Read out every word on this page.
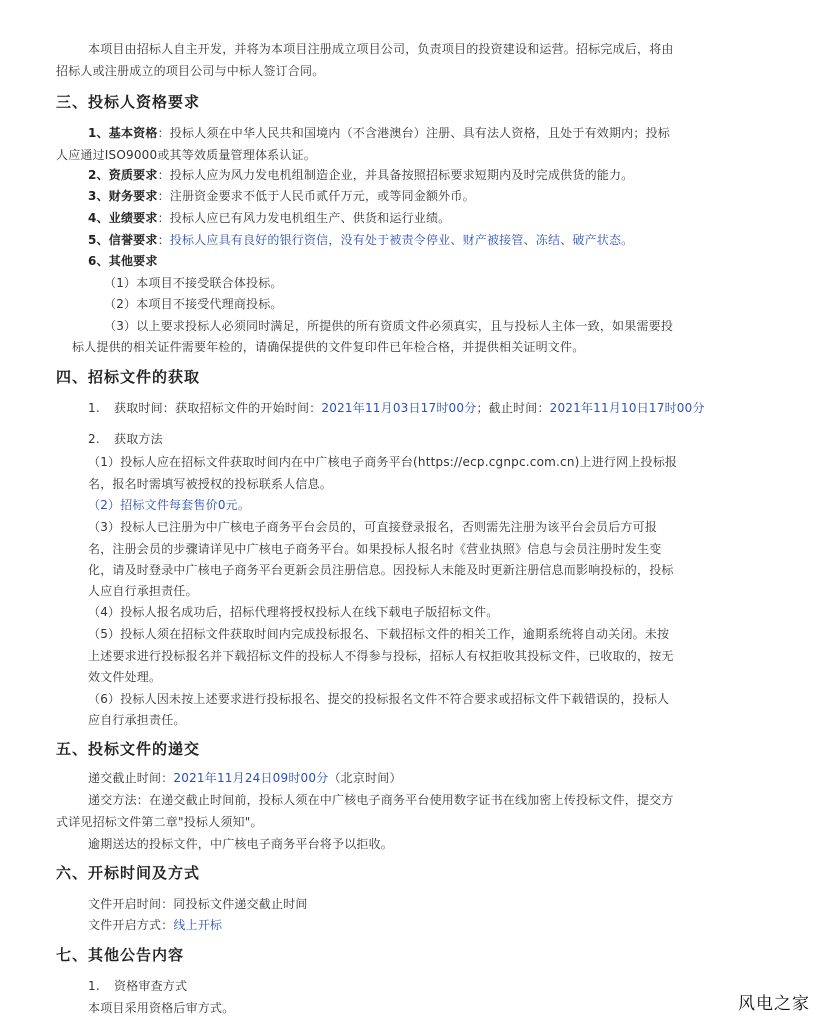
本项目由招标人自主开发，并将为本项目注册成立项目公司，负责项目的投资建设和运营。招标完成后，将由

招标人或注册成立的项目公司与中标人签订合同。

三、投标人资格要求

1、基本资格：投标人须在中华人民共和国境内（不含港澳台）注册、具有法人资格，且处于有效期内；投标

人应通过ISO9000或其等效质量管理体系认证。

2、资质要求：投标人应为风力发电机组制造企业，并具备按照招标要求短期内及时完成供货的能力。

3、财务要求：注册资金要求不低于人民币贰仟万元，或等同金额外币。

4、业绩要求：投标人应已有风力发电机组生产、供货和运行业绩。

5、信誉要求：投标人应具有良好的银行资信，没有处于被责令停业、财产被接管、冻结、破产状态。

6、其他要求

（1）本项目不接受联合体投标。

（2）本项目不接受代理商投标。

（3）以上要求投标人必须同时满足，所提供的所有资质文件必须真实，且与投标人主体一致，如果需要投

标人提供的相关证件需要年检的，请确保提供的文件复印件已年检合格，并提供相关证明文件。

四、招标文件的获取

1. 获取时间：获取招标文件的开始时间：2021年11月03日17时00分；截止时间：2021年11月10日17时00分

2. 获取方法

（1）投标人应在招标文件获取时间内在中广核电子商务平台(https://ecp.cgnpc.com.cn)上进行网上投标报

名，报名时需填写被授权的投标联系人信息。

（2）招标文件每套售价0元。

（3）投标人已注册为中广核电子商务平台会员的，可直接登录报名，否则需先注册为该平台会员后方可报

名，注册会员的步骤请详见中广核电子商务平台。如果投标人报名时《营业执照》信息与会员注册时发生变

化，请及时登录中广核电子商务平台更新会员注册信息。因投标人未能及时更新注册信息而影响投标的，投标

人应自行承担责任。

（4）投标人报名成功后，招标代理将授权投标人在线下载电子版招标文件。

（5）投标人须在招标文件获取时间内完成投标报名、下载招标文件的相关工作，逾期系统将自动关闭。未按

上述要求进行投标报名并下载招标文件的投标人不得参与投标，招标人有权拒收其投标文件，已收取的，按无

效文件处理。

（6）投标人因未按上述要求进行投标报名、提交的投标报名文件不符合要求或招标文件下载错误的，投标人

应自行承担责任。

五、投标文件的递交

递交截止时间：2021年11月24日09时00分（北京时间）

递交方法：在递交截止时间前，投标人须在中广核电子商务平台使用数字证书在线加密上传投标文件，提交方

式详见招标文件第二章"投标人须知"。

逾期送达的投标文件，中广核电子商务平台将予以拒收。

六、开标时间及方式

文件开启时间：同投标文件递交截止时间

文件开启方式：线上开标

七、其他公告内容

1. 资格审查方式

本项目采用资格后审方式。	风电之家
